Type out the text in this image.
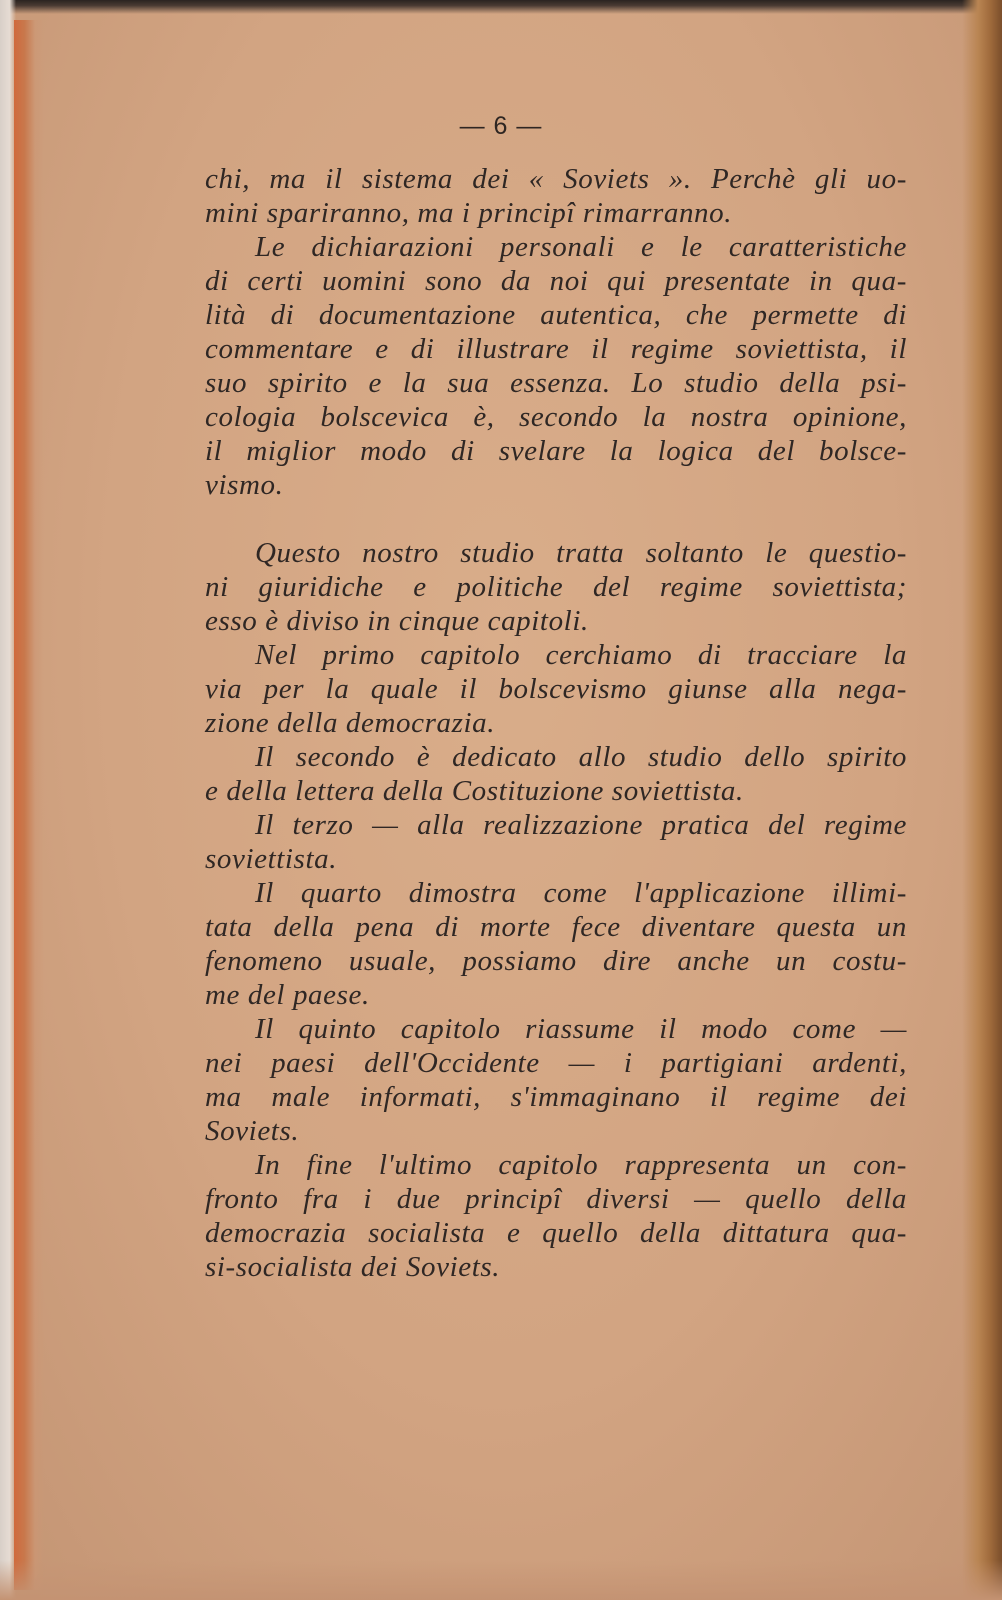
— 6 —
chi, ma il sistema dei « Soviets ». Perchè gli uo-
mini spariranno, ma i principî rimarranno.
Le dichiarazioni personali e le caratteristiche
di certi uomini sono da noi qui presentate in qua-
lità di documentazione autentica, che permette di
commentare e di illustrare il regime soviettista, il
suo spirito e la sua essenza. Lo studio della psi-
cologia bolscevica è, secondo la nostra opinione,
il miglior modo di svelare la logica del bolsce-
vismo.
Questo nostro studio tratta soltanto le questio-
ni giuridiche e politiche del regime soviettista;
esso è diviso in cinque capitoli.
Nel primo capitolo cerchiamo di tracciare la
via per la quale il bolscevismo giunse alla nega-
zione della democrazia.
Il secondo è dedicato allo studio dello spirito
e della lettera della Costituzione soviettista.
Il terzo — alla realizzazione pratica del regime
soviettista.
Il quarto dimostra come l'applicazione illimi-
tata della pena di morte fece diventare questa un
fenomeno usuale, possiamo dire anche un costu-
me del paese.
Il quinto capitolo riassume il modo come —
nei paesi dell'Occidente — i partigiani ardenti,
ma male informati, s'immaginano il regime dei
Soviets.
In fine l'ultimo capitolo rappresenta un con-
fronto fra i due principî diversi — quello della
democrazia socialista e quello della dittatura qua-
si-socialista dei Soviets.
